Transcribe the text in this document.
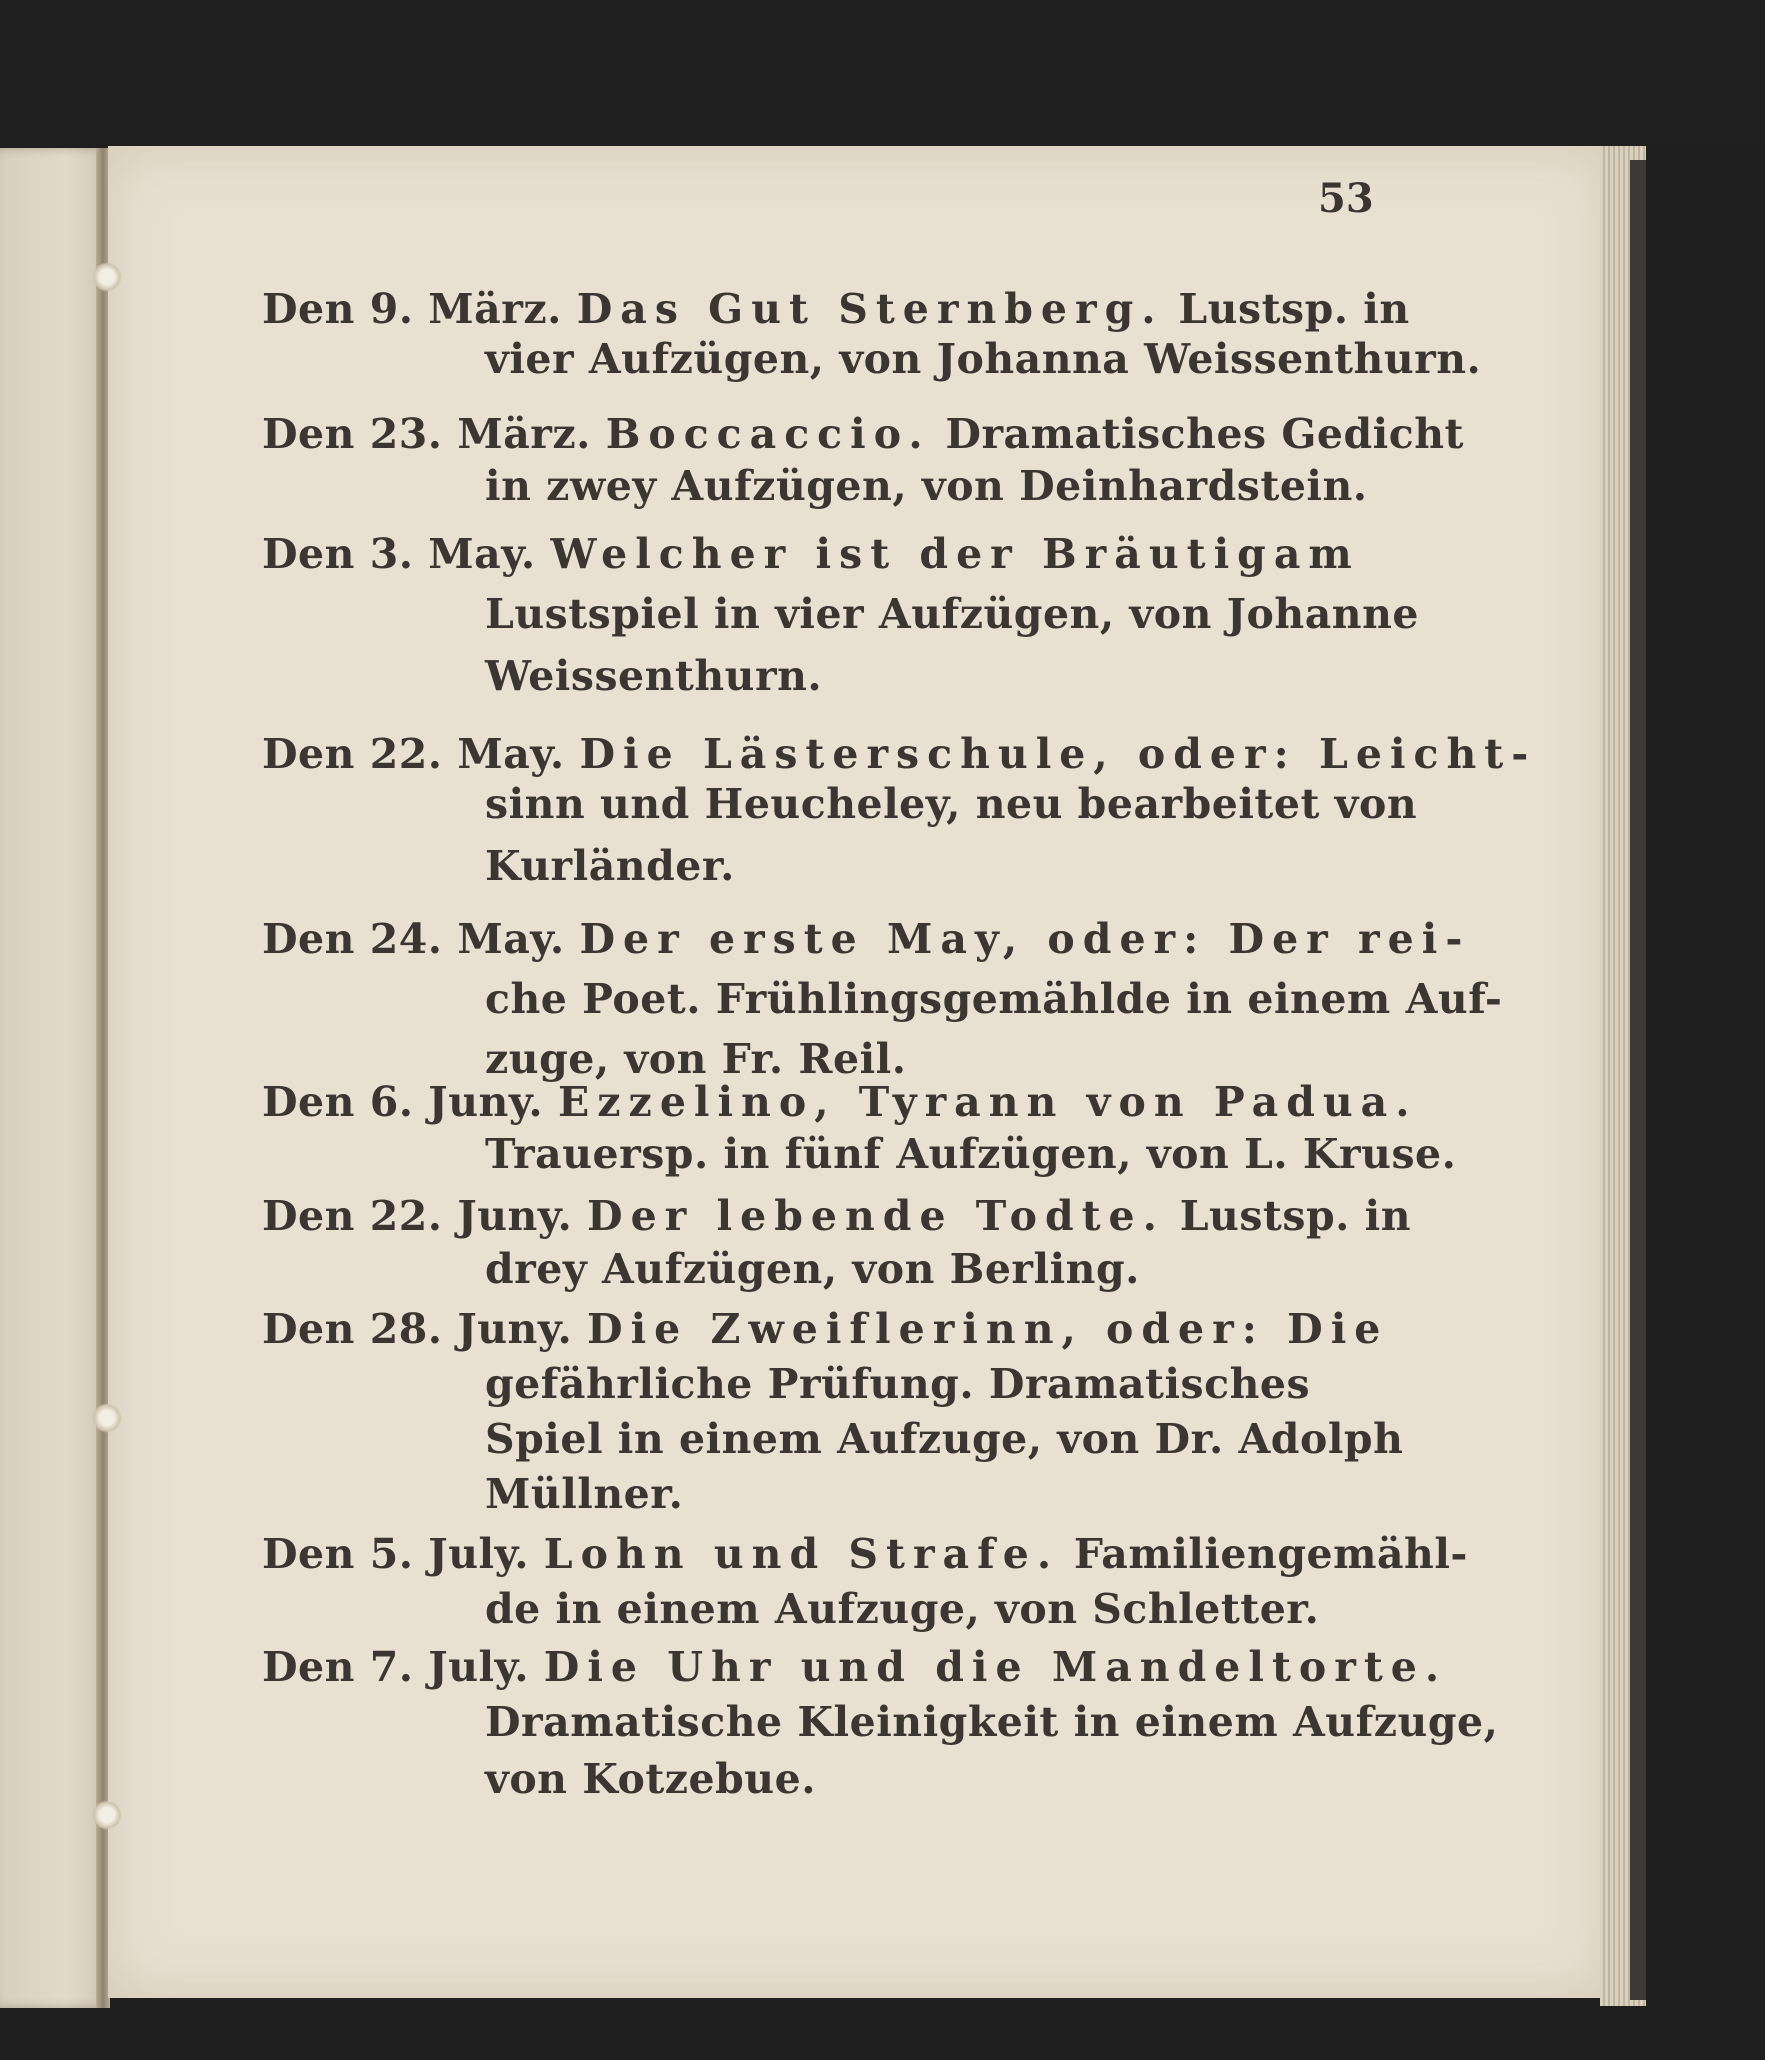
53
Den 9. März. Das Gut Sternberg. Lustsp. in
vier Aufzügen, von Johanna Weissenthurn.
Den 23. März. Boccaccio. Dramatisches Gedicht
in zwey Aufzügen, von Deinhardstein.
Den 3. May. Welcher ist der Bräutigam
Lustspiel in vier Aufzügen, von Johanne
Weissenthurn.
Den 22. May. Die Lästerschule, oder: Leicht-
sinn und Heucheley, neu bearbeitet von
Kurländer.
Den 24. May. Der erste May, oder: Der rei-
che Poet. Frühlingsgemählde in einem Auf-
zuge, von Fr. Reil.
Den 6. Juny. Ezzelino, Tyrann von Padua.
Trauersp. in fünf Aufzügen, von L. Kruse.
Den 22. Juny. Der lebende Todte. Lustsp. in
drey Aufzügen, von Berling.
Den 28. Juny. Die Zweiflerinn, oder: Die
gefährliche Prüfung. Dramatisches
Spiel in einem Aufzuge, von Dr. Adolph
Müllner.
Den 5. July. Lohn und Strafe. Familiengemähl-
de in einem Aufzuge, von Schletter.
Den 7. July. Die Uhr und die Mandeltorte.
Dramatische Kleinigkeit in einem Aufzuge,
von Kotzebue.
